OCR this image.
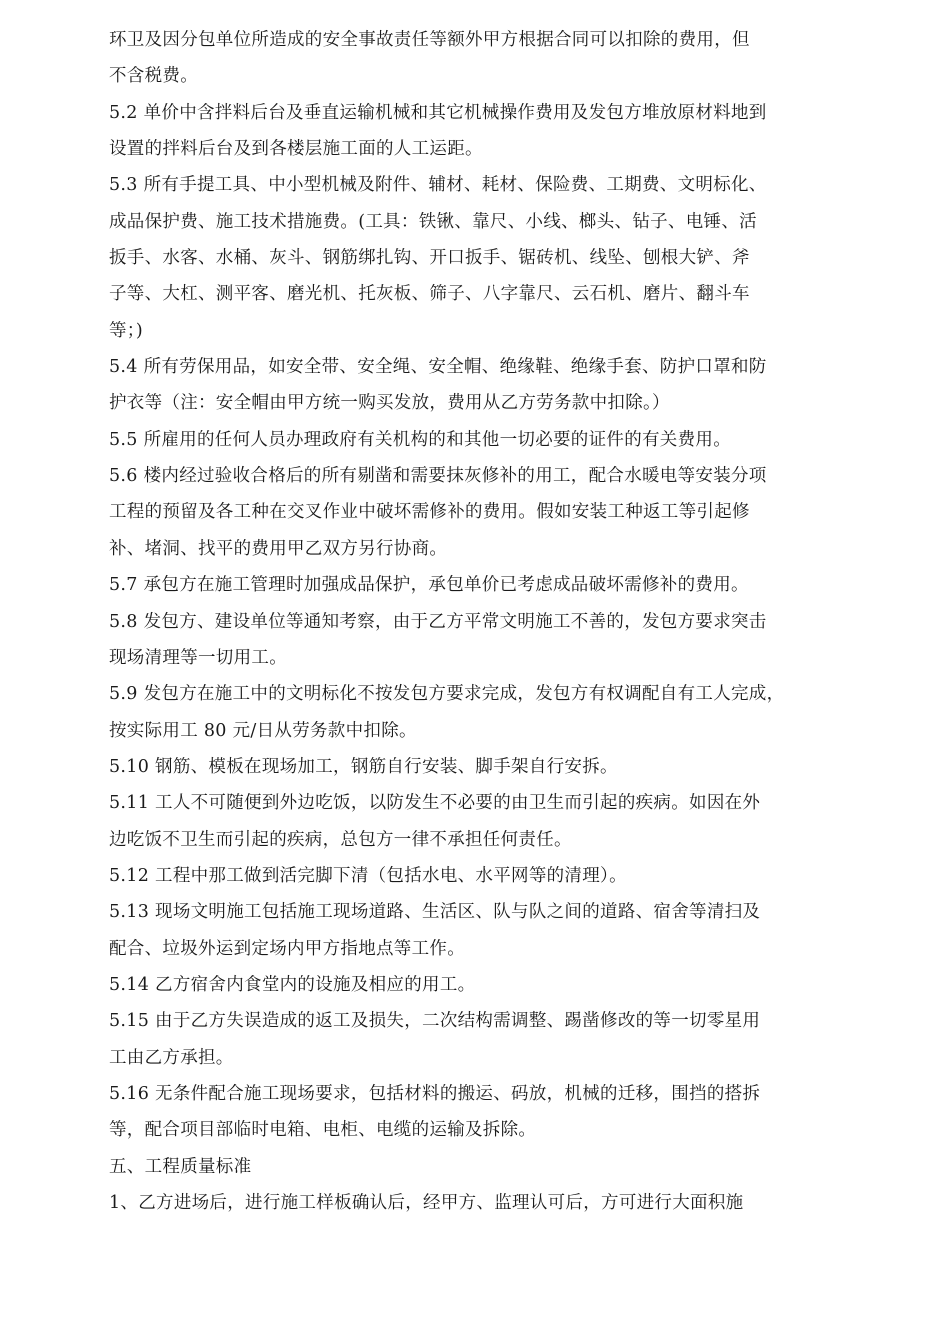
环卫及因分包单位所造成的安全事故责任等额外甲方根据合同可以扣除的费用，但
不含税费。
5.2 单价中含拌料后台及垂直运输机械和其它机械操作费用及发包方堆放原材料地到
设置的拌料后台及到各楼层施工面的人工运距。
5.3 所有手提工具、中小型机械及附件、辅材、耗材、保险费、工期费、文明标化、
成品保护费、施工技术措施费。(工具：铁锹、靠尺、小线、榔头、钻子、电锤、活
扳手、水客、水桶、灰斗、钢筋绑扎钩、开口扳手、锯砖机、线坠、刨根大铲、斧
子等、大杠、测平客、磨光机、托灰板、筛子、八字靠尺、云石机、磨片、翻斗车
等；)
5.4 所有劳保用品，如安全带、安全绳、安全帽、绝缘鞋、绝缘手套、防护口罩和防
护衣等（注：安全帽由甲方统一购买发放，费用从乙方劳务款中扣除。）
5.5 所雇用的任何人员办理政府有关机构的和其他一切必要的证件的有关费用。
5.6 楼内经过验收合格后的所有剔凿和需要抹灰修补的用工，配合水暖电等安装分项
工程的预留及各工种在交叉作业中破坏需修补的费用。假如安装工种返工等引起修
补、堵洞、找平的费用甲乙双方另行协商。
5.7 承包方在施工管理时加强成品保护，承包单价已考虑成品破坏需修补的费用。
5.8 发包方、建设单位等通知考察，由于乙方平常文明施工不善的，发包方要求突击
现场清理等一切用工。
5.9 发包方在施工中的文明标化不按发包方要求完成，发包方有权调配自有工人完成，
按实际用工 80 元/日从劳务款中扣除。
5.10 钢筋、模板在现场加工，钢筋自行安装、脚手架自行安拆。
5.11 工人不可随便到外边吃饭，以防发生不必要的由卫生而引起的疾病。如因在外
边吃饭不卫生而引起的疾病，总包方一律不承担任何责任。
5.12 工程中那工做到活完脚下清（包括水电、水平网等的清理）。
5.13 现场文明施工包括施工现场道路、生活区、队与队之间的道路、宿舍等清扫及
配合、垃圾外运到定场内甲方指地点等工作。
5.14 乙方宿舍内食堂内的设施及相应的用工。
5.15 由于乙方失误造成的返工及损失，二次结构需调整、踢凿修改的等一切零星用
工由乙方承担。
5.16 无条件配合施工现场要求，包括材料的搬运、码放，机械的迁移，围挡的搭拆
等，配合项目部临时电箱、电柜、电缆的运输及拆除。
五、工程质量标准
1、乙方进场后，进行施工样板确认后，经甲方、监理认可后，方可进行大面积施
